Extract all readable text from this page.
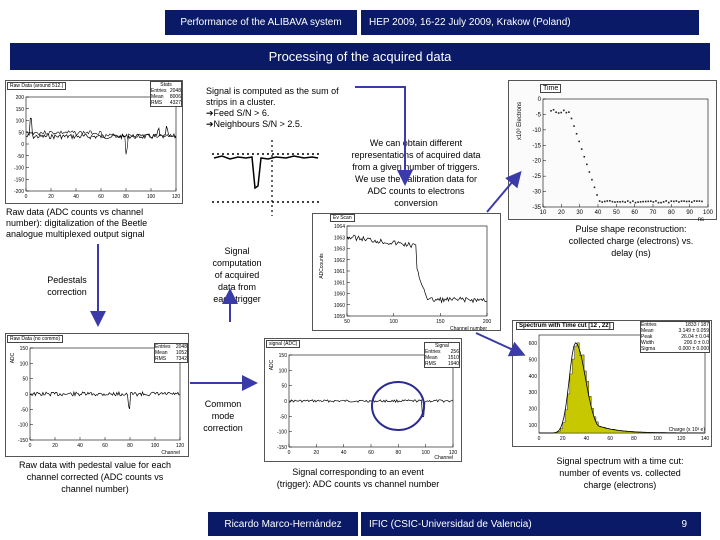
Performance of the ALIBAVA system	HEP 2009, 16-22 July 2009, Krakow (Poland)
Processing of the acquired data
200
150
100
50
0
-50
-100
-150
-200
0	20	40	60	80	100	120
Raw Data (around 512.)	Stats
Entries 2048
Mean 8006
RMS 4327
Signal is computed as the sum of
strips in a cluster.
➔Feed S/N > 6.
➔Neighbours S/N > 2.5.
We can obtain different
representations of acquired data
from a given number of triggers.
We use the calibration data for
ADC counts to electrons
conversion
0
-5
-10
-15
-20
-25
-30
-35
10 20 30 40 50 60 70 80 90 100
x10³ Electrons
ns
Time
Raw data (ADC counts vs channel
number): digitalization of the Beetle
analogue multiplexed output signal
1064
1063
1063
1062
1061
1061
1060
1060
1059
50	100	150	200
ADCcounts
Channel number
Ev Scan
Pulse shape reconstruction:
collected charge (electrons) vs.
delay (ns)
Signal
computation
of acquired
data from
each trigger
Pedestals
correction
150
100
50
0
-50
-100
-150
0	20	40	60	80	100	120
Channel
ADC
Raw Data (no commo)
Entries 2048
Mean 1052
RMS 7342	150
100
50
0
-50
-100
-150
0	20	40	60	80	100	120
Channel
ADC
signal (ADC)	Signal
Entries 256
Mean 1510
RMS 1940
600
500
400
300
200
100
0	20	40	60	80	100	120	140
Charge (x 10³ e)
Spectrum with Time cut [12 , 22]	Entries	1833 / 187
Mean	3.149 ± 0.059
Peak	26.04 ± 0.04
Width	200.0 ± 0.0
Sigma	0.000 ± 0.000
Common
mode
correction
Raw data with pedestal value for each
channel corrected (ADC counts vs
channel number)
Signal corresponding to an event
(trigger): ADC counts vs channel number
Signal spectrum with a time cut:
number of events vs. collected
charge (electrons)
Ricardo Marco-Hernández	IFIC (CSIC-Universidad de Valencia)	9
